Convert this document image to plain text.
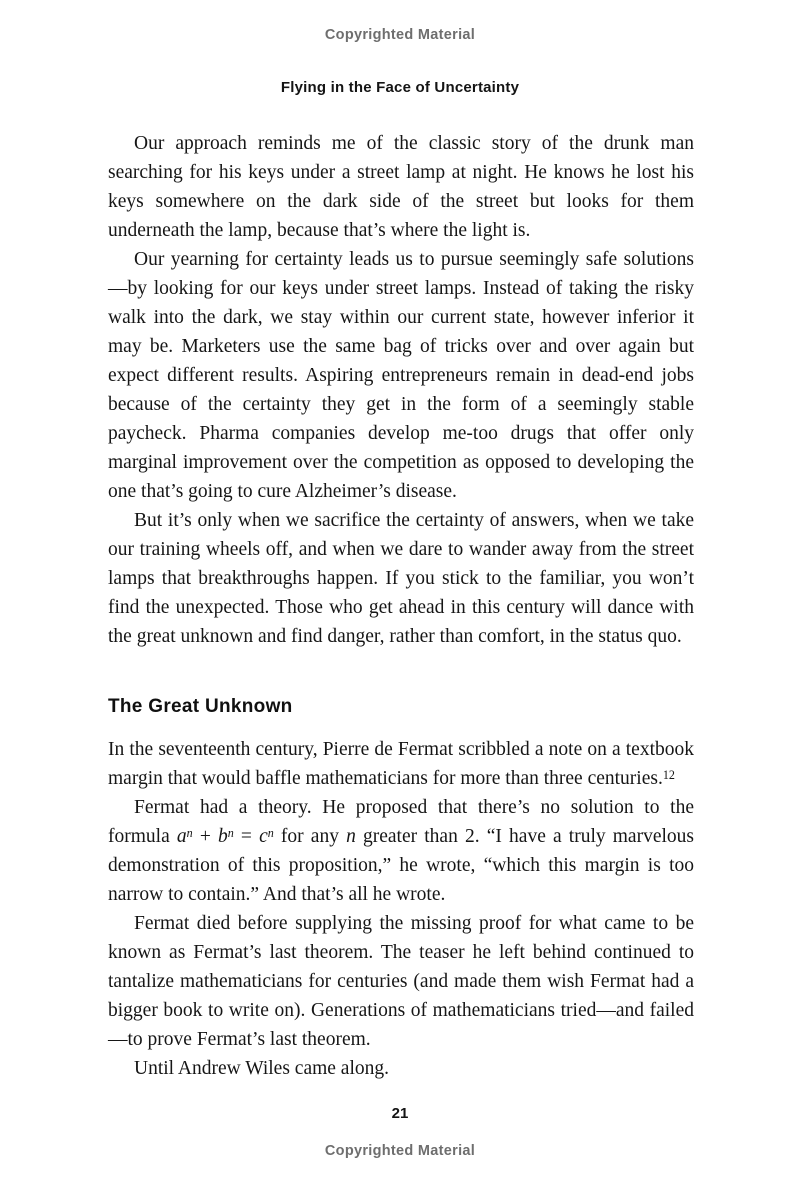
Copyrighted Material
Flying in the Face of Uncertainty

Our approach reminds me of the classic story of the drunk man searching for his keys under a street lamp at night. He knows he lost his keys somewhere on the dark side of the street but looks for them underneath the lamp, because that’s where the light is.

Our yearning for certainty leads us to pursue seemingly safe solutions—by looking for our keys under street lamps. Instead of taking the risky walk into the dark, we stay within our current state, however inferior it may be. Marketers use the same bag of tricks over and over again but expect different results. Aspiring entrepreneurs remain in dead-end jobs because of the certainty they get in the form of a seemingly stable paycheck. Pharma companies develop me-too drugs that offer only marginal improvement over the competition as opposed to developing the one that’s going to cure Alzheimer’s disease.

But it’s only when we sacrifice the certainty of answers, when we take our training wheels off, and when we dare to wander away from the street lamps that breakthroughs happen. If you stick to the familiar, you won’t find the unexpected. Those who get ahead in this century will dance with the great unknown and find danger, rather than comfort, in the status quo.

The Great Unknown

In the seventeenth century, Pierre de Fermat scribbled a note on a textbook margin that would baffle mathematicians for more than three centuries.$^{12}$

Fermat had a theory. He proposed that there’s no solution to the formula $a^n + b^n = c^n$ for any n greater than 2. “I have a truly marvelous demonstration of this proposition,” he wrote, “which this margin is too narrow to contain.” And that’s all he wrote.

Fermat died before supplying the missing proof for what came to be known as Fermat’s last theorem. The teaser he left behind continued to tantalize mathematicians for centuries (and made them wish Fermat had a bigger book to write on). Generations of mathematicians tried—and failed—to prove Fermat’s last theorem.

Until Andrew Wiles came along.

21
Copyrighted Material
